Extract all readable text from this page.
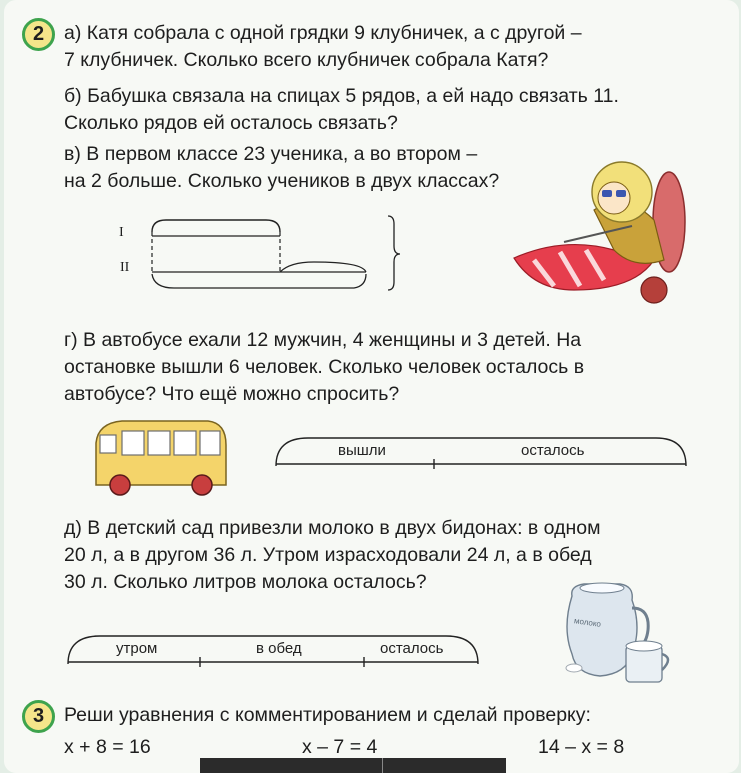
2	а) Катя собрала с одной грядки 9 клубничек, а с другой –
7 клубничек. Сколько всего клубничек собрала Катя?
б) Бабушка связала на спицах 5 рядов, а ей надо связать 11.
Сколько рядов ей осталось связать?
в) В первом классе 23 ученика, а во втором –
на 2 больше. Сколько учеников в двух классах?
I
II
г) В автобусе ехали 12 мужчин, 4 женщины и 3 детей. На
остановке вышли 6 человек. Сколько человек осталось в
автобусе? Что ещё можно спросить?
вышли	осталось
д) В детский сад привезли молоко в двух бидонах: в одном
20 л, а в другом 36 л. Утром израсходовали 24 л, а в обед
30 л. Сколько литров молока осталось?
утром	в обед	осталось
молоко
3	Реши уравнения с комментированием и сделай проверку:
x + 8 = 16	x – 7 = 4	14 – x = 8
